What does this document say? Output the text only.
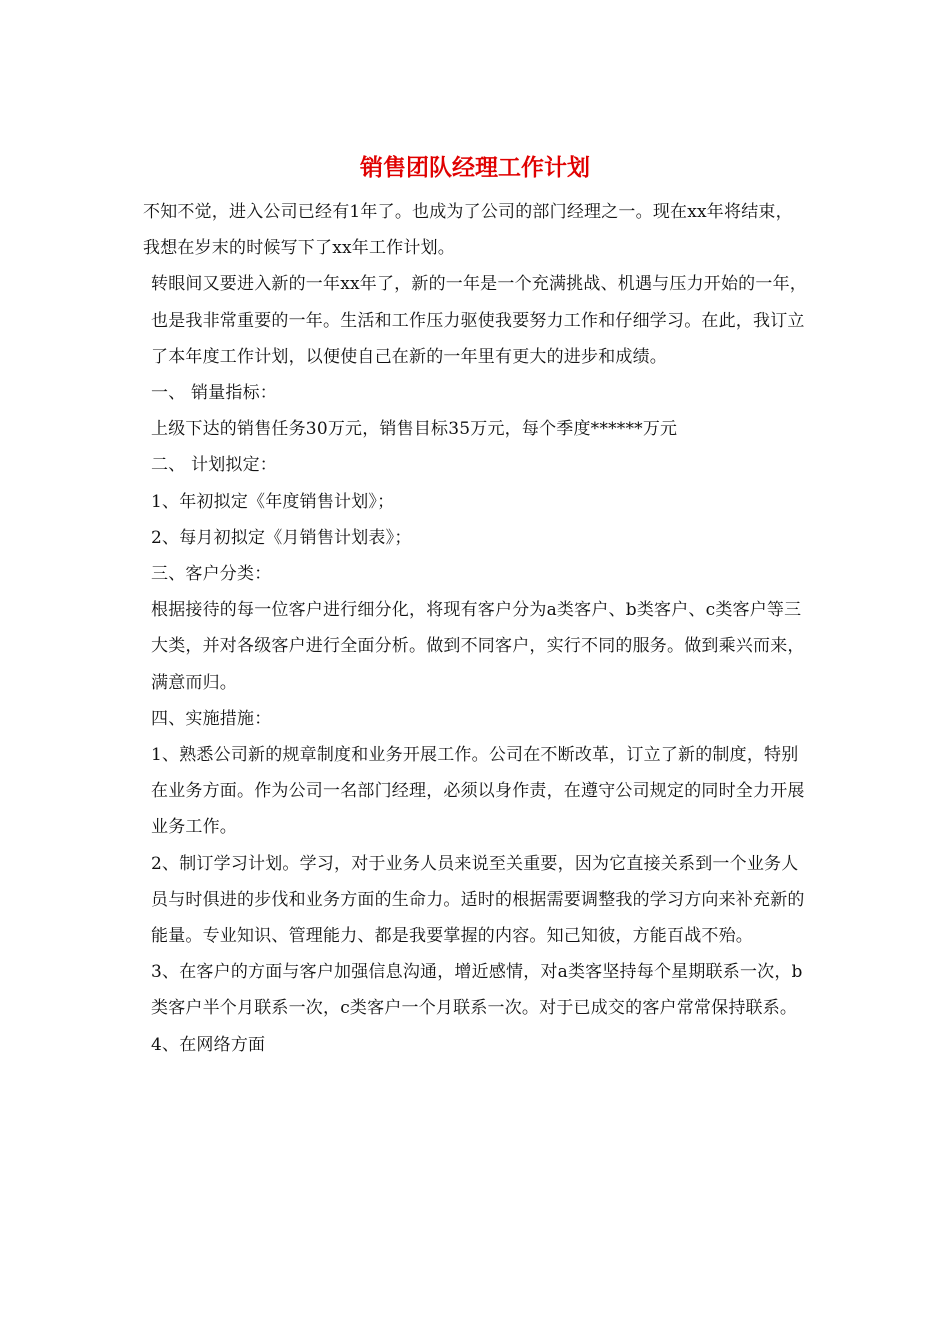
销售团队经理工作计划

不知不觉，进入公司已经有1年了。也成为了公司的部门经理之一。现在xx年将结束，我想在岁末的时候写下了xx年工作计划。

转眼间又要进入新的一年xx年了，新的一年是一个充满挑战、机遇与压力开始的一年，也是我非常重要的一年。生活和工作压力驱使我要努力工作和仔细学习。在此，我订立了本年度工作计划，以便使自己在新的一年里有更大的进步和成绩。

一、 销量指标：

上级下达的销售任务30万元，销售目标35万元，每个季度******万元

二、 计划拟定：

1、年初拟定《年度销售计划》；

2、每月初拟定《月销售计划表》；

三、客户分类：

根据接待的每一位客户进行细分化，将现有客户分为a类客户、b类客户、c类客户等三大类，并对各级客户进行全面分析。做到不同客户，实行不同的服务。做到乘兴而来，满意而归。

四、实施措施：

1、熟悉公司新的规章制度和业务开展工作。公司在不断改革，订立了新的制度，特别在业务方面。作为公司一名部门经理，必须以身作责，在遵守公司规定的同时全力开展业务工作。

2、制订学习计划。学习，对于业务人员来说至关重要，因为它直接关系到一个业务人员与时俱进的步伐和业务方面的生命力。适时的根据需要调整我的学习方向来补充新的能量。专业知识、管理能力、都是我要掌握的内容。知己知彼，方能百战不殆。

3、在客户的方面与客户加强信息沟通，增近感情，对a类客坚持每个星期联系一次，b类客户半个月联系一次，c类客户一个月联系一次。对于已成交的客户常常保持联系。

4、在网络方面
